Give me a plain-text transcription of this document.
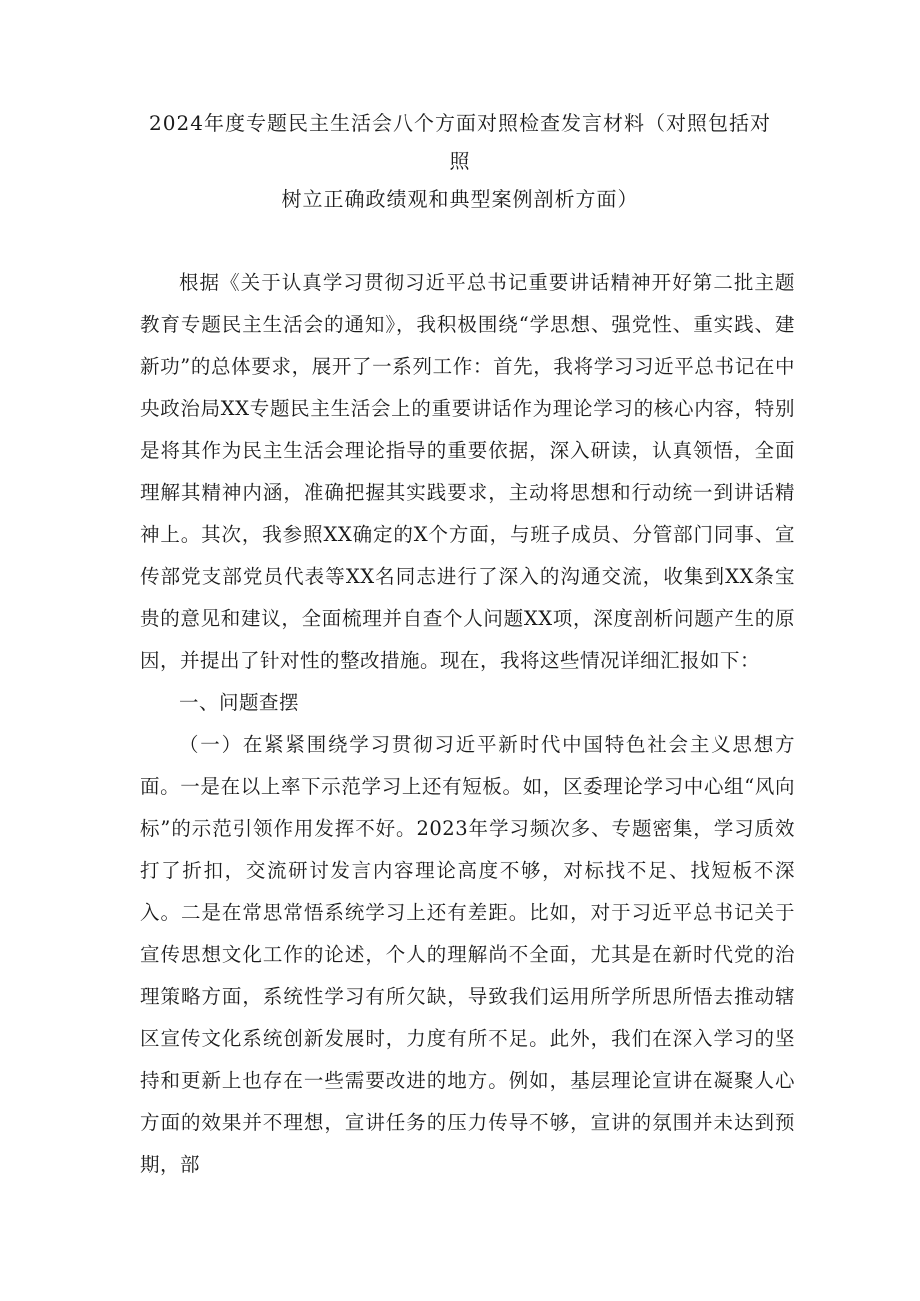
2024年度专题民主生活会八个方面对照检查发言材料（对照包括对
照
树立正确政绩观和典型案例剖析方面）

根据《关于认真学习贯彻习近平总书记重要讲话精神开好第二批主题教育专题民主生活会的通知》，我积极围绕“学思想、强党性、重实践、建新功”的总体要求，展开了一系列工作：首先，我将学习习近平总书记在中央政治局XX专题民主生活会上的重要讲话作为理论学习的核心内容，特别是将其作为民主生活会理论指导的重要依据，深入研读，认真领悟，全面理解其精神内涵，准确把握其实践要求，主动将思想和行动统一到讲话精神上。其次，我参照XX确定的X个方面，与班子成员、分管部门同事、宣传部党支部党员代表等XX名同志进行了深入的沟通交流，收集到XX条宝贵的意见和建议，全面梳理并自查个人问题XX项，深度剖析问题产生的原因，并提出了针对性的整改措施。现在，我将这些情况详细汇报如下：

一、问题查摆

（一）在紧紧围绕学习贯彻习近平新时代中国特色社会主义思想方面。一是在以上率下示范学习上还有短板。如，区委理论学习中心组“风向标”的示范引领作用发挥不好。2023年学习频次多、专题密集，学习质效打了折扣，交流研讨发言内容理论高度不够，对标找不足、找短板不深入。二是在常思常悟系统学习上还有差距。比如，对于习近平总书记关于宣传思想文化工作的论述，个人的理解尚不全面，尤其是在新时代党的治理策略方面，系统性学习有所欠缺，导致我们运用所学所思所悟去推动辖区宣传文化系统创新发展时，力度有所不足。此外，我们在深入学习的坚持和更新上也存在一些需要改进的地方。例如，基层理论宣讲在凝聚人心方面的效果并不理想，宣讲任务的压力传导不够，宣讲的氛围并未达到预期，部
